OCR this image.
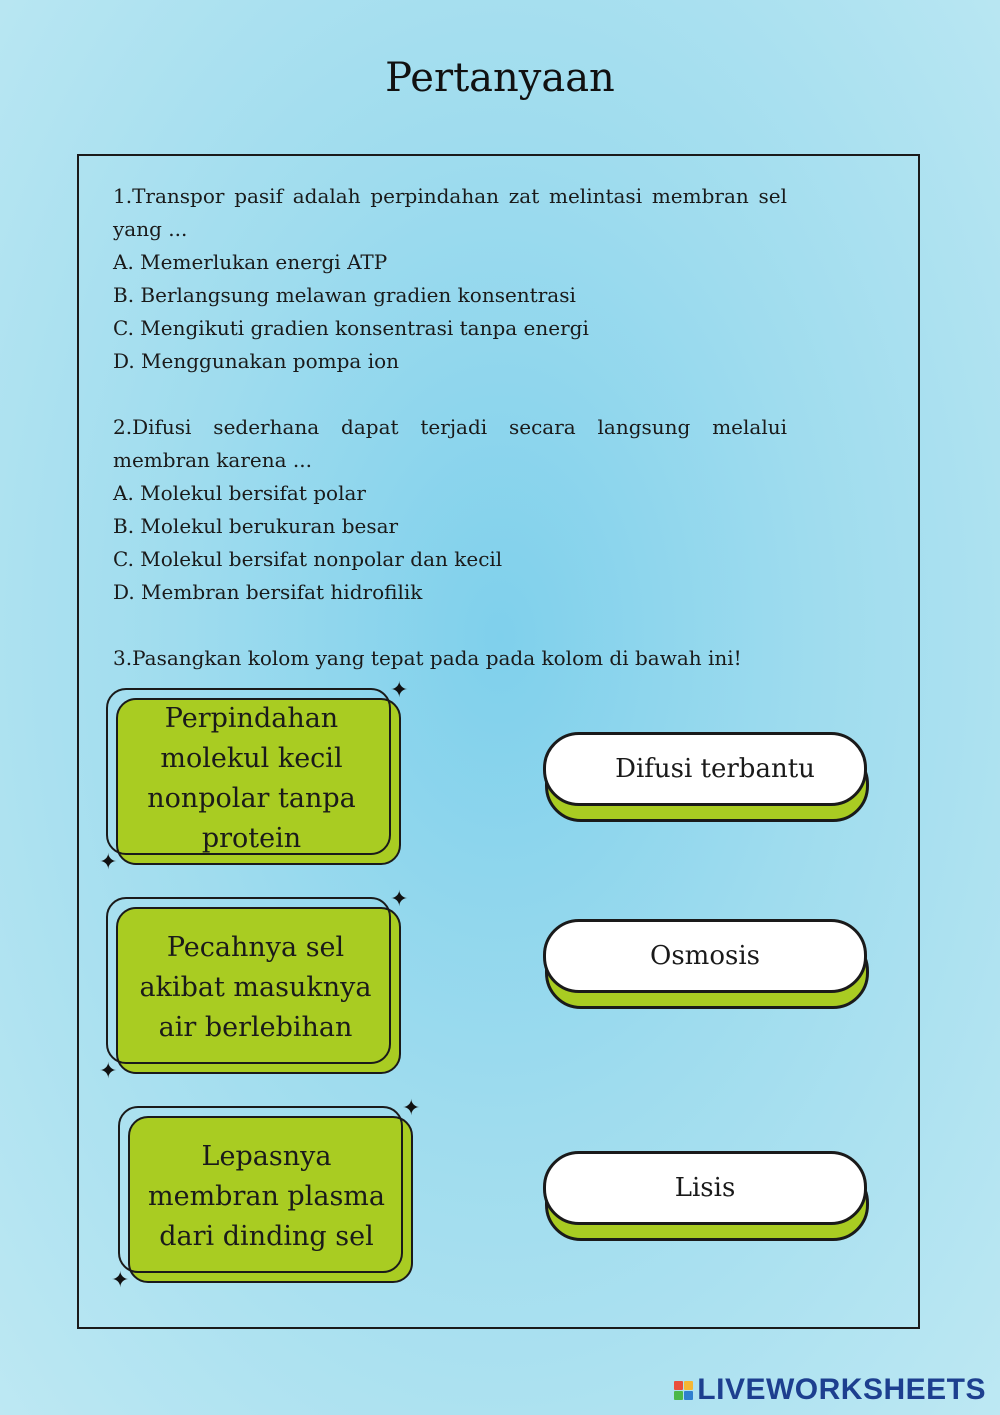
Pertanyaan
1.Transpor pasif adalah perpindahan zat melintasi membran sel yang ...
A. Memerlukan energi ATP
B. Berlangsung melawan gradien konsentrasi
C. Mengikuti gradien konsentrasi tanpa energi
D. Menggunakan pompa ion
2.Difusi sederhana dapat terjadi secara langsung melalui membran karena ...
A. Molekul bersifat polar
B. Molekul berukuran besar
C. Molekul bersifat nonpolar dan kecil
D. Membran bersifat hidrofilik
3.Pasangkan kolom yang tepat pada pada kolom di bawah ini!
Perpindahan molekul kecil nonpolar tanpa protein
✦
✦
Pecahnya sel akibat masuknya air berlebihan
✦
✦
Lepasnya membran plasma dari dinding sel
✦
✦
Difusi terbantu
Osmosis
Lisis
LIVEWORKSHEETS
